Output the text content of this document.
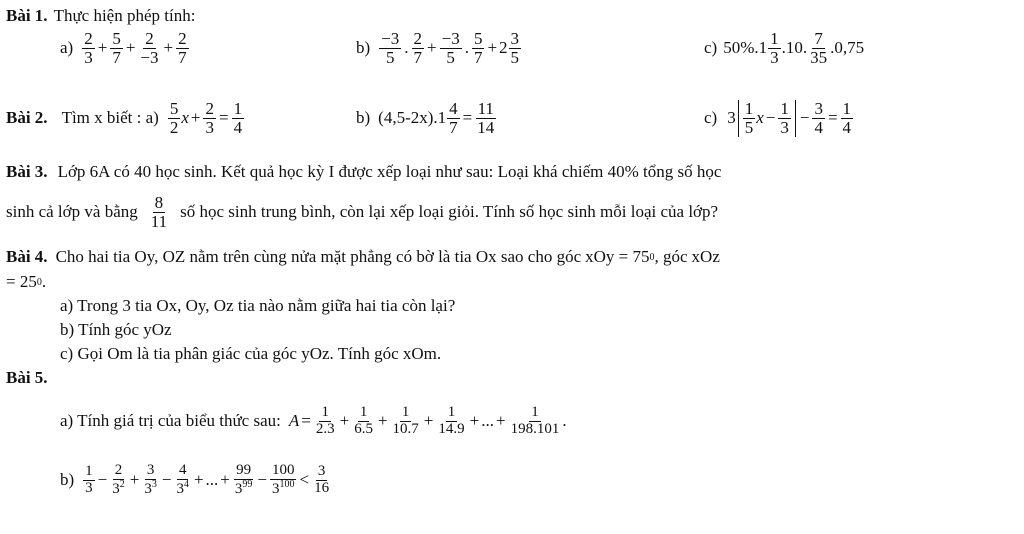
Bài 1. Thực hiện phép tính:
$a) \frac{2}{3} + \frac{5}{7} + \frac{2}{-3} + \frac{2}{7}$	$b) \frac{-3}{5}$ . $\frac{2}{7} + \frac{-3}{5}$ . $\frac{5}{7} + 2 \frac{3}{5}$	c) 50%. $1 \frac{1}{3} .10$. $\frac{7}{35} .0,75$
Bài 2. Tìm x biết : $a) \frac{5}{2}$ $x + \frac{2}{3} = \frac{1}{4}$	b) (4,5-2x). $1 \frac{4}{7} = \frac{11}{14}$	c) $3 \frac{1}{5}$ $x - \frac{1}{3} - \frac{3}{4} = \frac{1}{4}$
Bài 3. Lớp 6A có 40 học sinh. Kết quả học kỳ I được xếp loại như sau: Loại khá chiếm 40% tổng số học
sinh cả lớp và bằng $\frac{8}{11}$ số học sinh trung bình, còn lại xếp loại giỏi. Tính số học sinh mỗi loại của lớp?
Bài 4. Cho hai tia Oy, OZ nằm trên cùng nửa mặt phẳng có bờ là tia Ox sao cho góc xOy = 75 0 , góc xOz
= 25 0 .
a) Trong 3 tia Ox, Oy, Oz tia nào nằm giữa hai tia còn lại?
b) Tính góc yOz
c) Gọi Om là tia phân giác của góc yOz. Tính góc xOm.
Bài 5.
a) Tính giá trị của biểu thức sau: $A = \frac{1}{2.3} + \frac{1}{6.5} + \frac{1}{10.7} + \frac{1}{14.9}$ + ... + $\frac{1}{198.101}$ .
$b) \frac{1}{3} - \frac{2}{3^2} + \frac{3}{3^3} - \frac{4}{3^4}$ + ... + $\frac{99}{3^{99}} - \frac{100}{3^{100}} < \frac{3}{16}$
